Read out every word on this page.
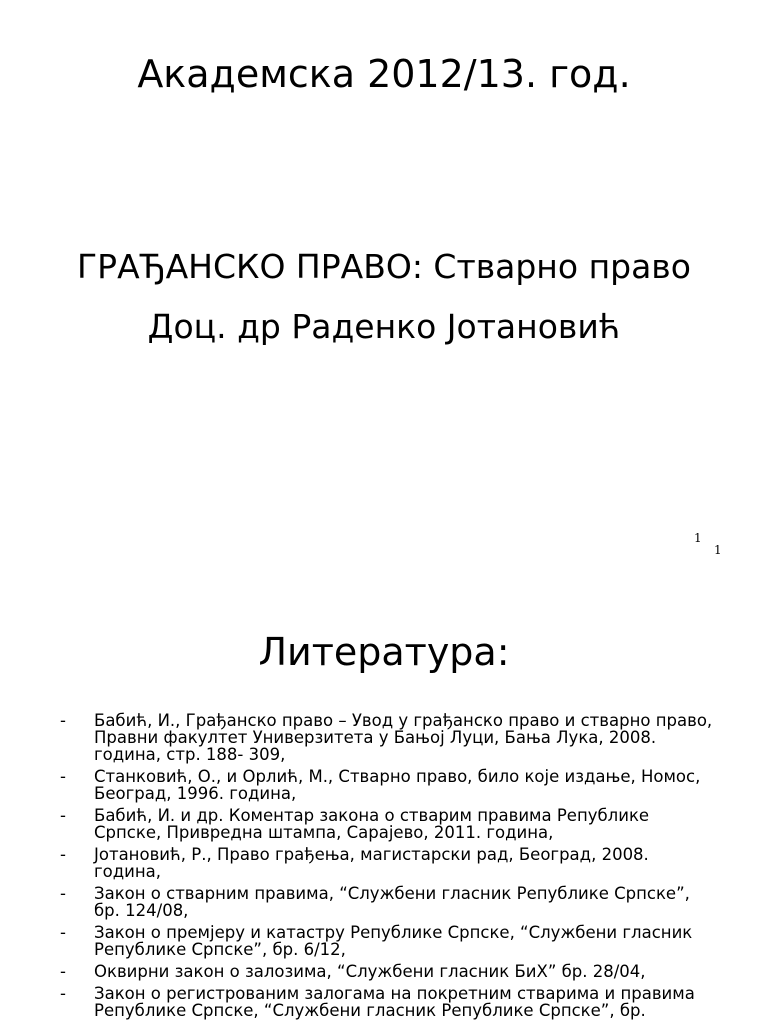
Академска 2012/13. год.
ГРАЂАНСКО ПРАВО: Стварно право
Доц. др Раденко Јотановић
1
1
Литература:
- Бабић, И., Грађанско право – Увод у грађанско право и стварно право, Правни факултет Универзитета у Бањој Луци, Бања Лука, 2008. година, стр. 188- 309,
- Станковић, О., и Орлић, М., Стварно право, било које издање, Номос, Београд, 1996. година,
- Бабић, И. и др. Коментар закона о стварим правима Републике Српске, Привредна штампа, Сарајево, 2011. година,
- Јотановић, Р., Право грађења, магистарски рад, Београд, 2008. година,
- Закон о стварним правима, “Службени гласник Републике Српске”, бр. 124/08,
- Закон о премјеру и катастру Републике Српске, “Службени гласник Републике Српске”, бр. 6/12,
- Оквирни закон о залозима, “Службени гласник БиХ” бр. 28/04,
- Закон о регистрованим залогама на покретним стварима и правима Републике Српске, “Службени гласник Републике Српске”, бр.
